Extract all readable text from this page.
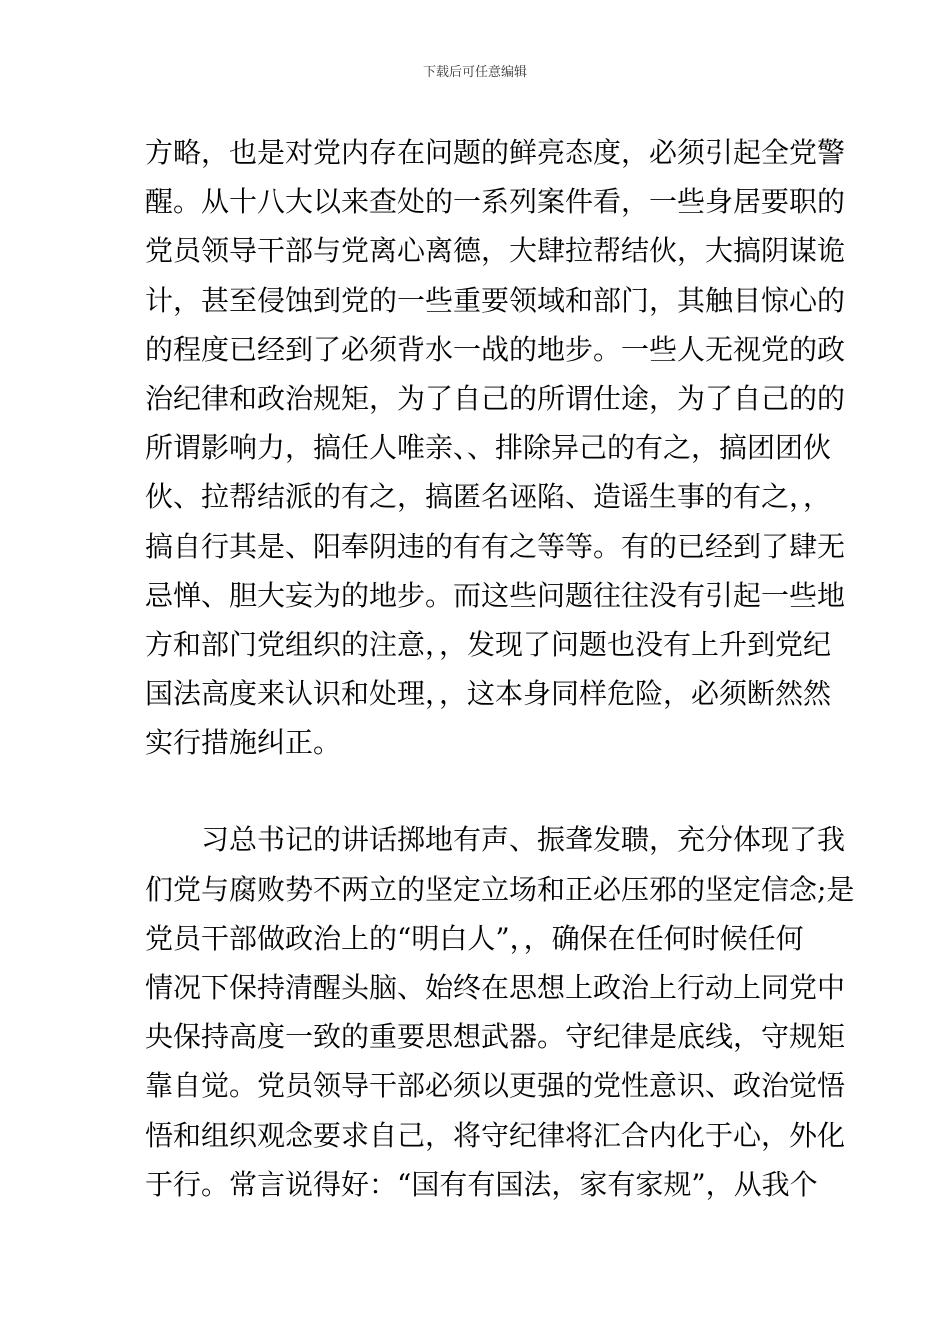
下载后可任意编辑
方略，也是对党内存在问题的鲜亮态度，必须引起全党警
醒。从十八大以来查处的一系列案件看，一些身居要职的
党员领导干部与党离心离德，大肆拉帮结伙，大搞阴谋诡
计，甚至侵蚀到党的一些重要领域和部门，其触目惊心的
的程度已经到了必须背水一战的地步。一些人无视党的政
治纪律和政治规矩，为了自己的所谓仕途，为了自己的的
所谓影响力，搞任人唯亲、、排除异己的有之，搞团团伙
伙、拉帮结派的有之，搞匿名诬陷、造谣生事的有之，，
搞自行其是、阳奉阴违的有有之等等。有的已经到了肆无
忌惮、胆大妄为的地步。而这些问题往往没有引起一些地
方和部门党组织的注意，，发现了问题也没有上升到党纪
国法高度来认识和处理，，这本身同样危险，必须断然然
实行措施纠正。
习总书记的讲话掷地有声、振聋发聩，充分体现了我
们党与腐败势不两立的坚定立场和正必压邪的坚定信念;是
党员干部做政治上的“明白人”，，确保在任何时候任何
情况下保持清醒头脑、始终在思想上政治上行动上同党中
央保持高度一致的重要思想武器。守纪律是底线，守规矩
靠自觉。党员领导干部必须以更强的党性意识、政治觉悟
悟和组织观念要求自己，将守纪律将汇合内化于心，外化
于行。常言说得好：“国有有国法，家有家规”，从我个
